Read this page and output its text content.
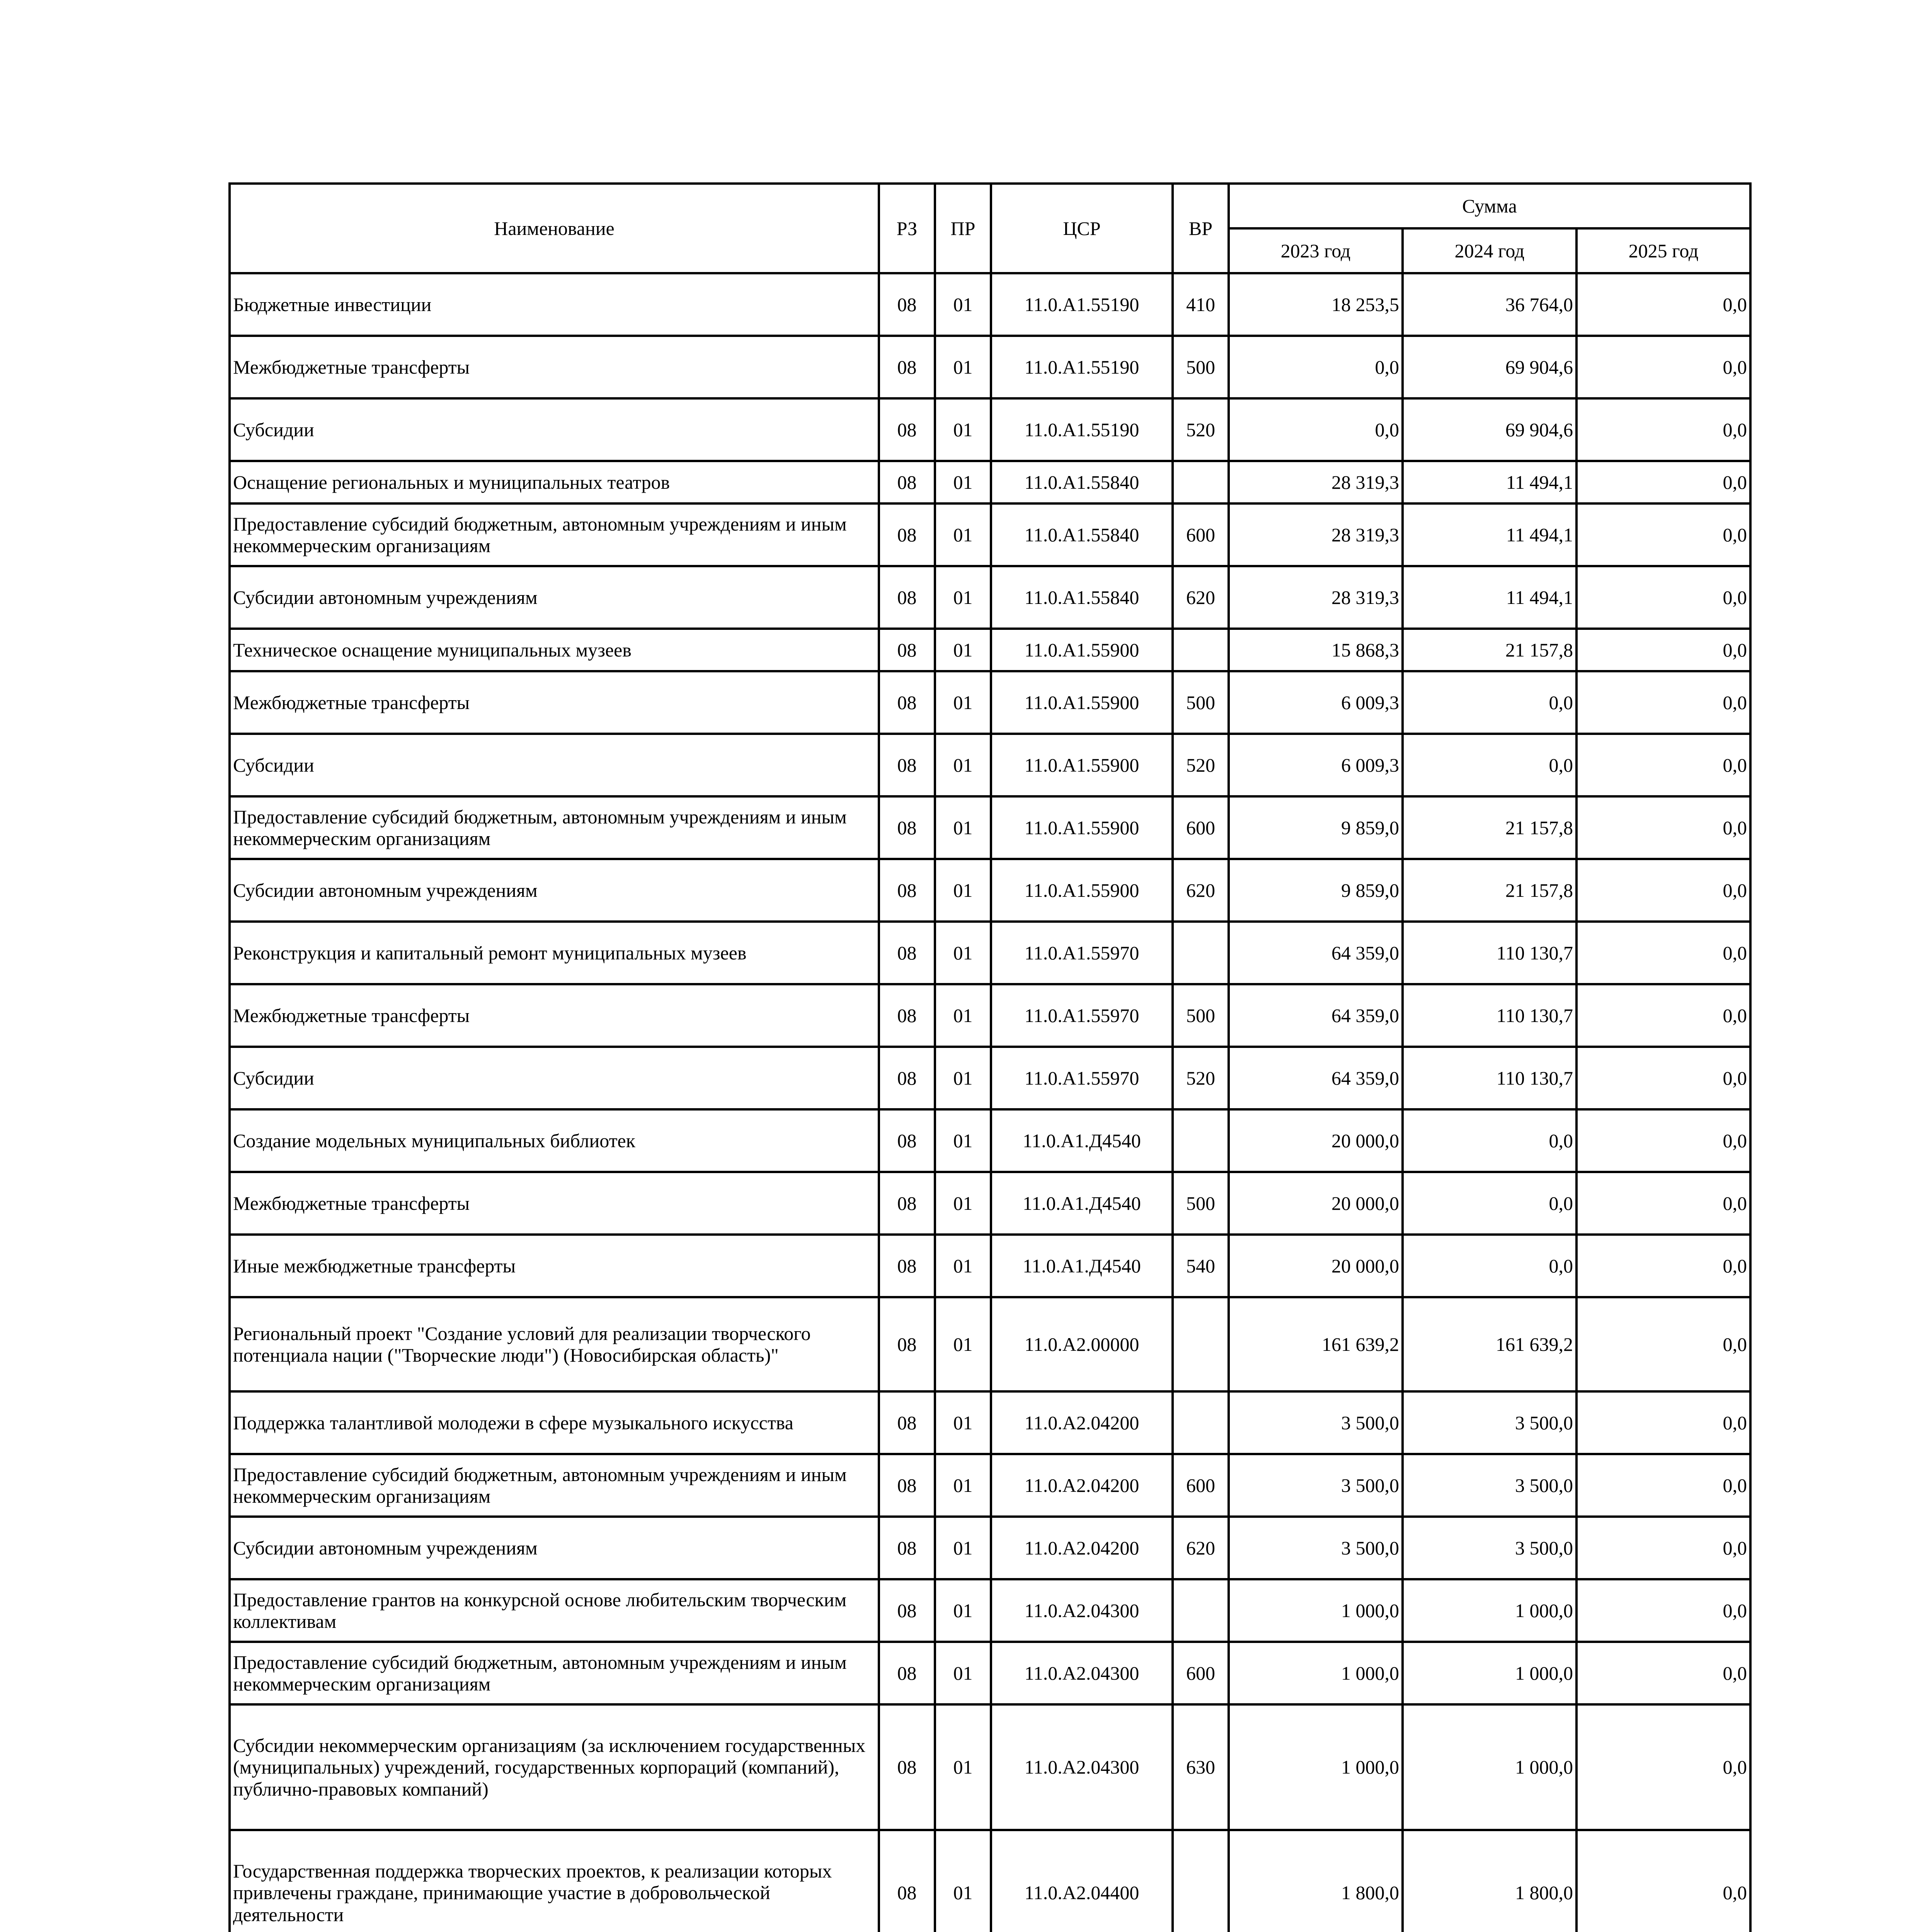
Наименование	РЗ	ПР	ЦСР	ВР	Сумма		
					2023 год	2024 год	2025 год
Бюджетные инвестиции	08	01	11.0.А1.55190	410	18 253,5	36 764,0	0,0
Межбюджетные трансферты	08	01	11.0.А1.55190	500	0,0	69 904,6	0,0
Субсидии	08	01	11.0.А1.55190	520	0,0	69 904,6	0,0
Оснащение региональных и муниципальных театров	08	01	11.0.А1.55840		28 319,3	11 494,1	0,0
Предоставление субсидий бюджетным, автономным учреждениям и иным некоммерческим организациям	08	01	11.0.А1.55840	600	28 319,3	11 494,1	0,0
Субсидии автономным учреждениям	08	01	11.0.А1.55840	620	28 319,3	11 494,1	0,0
Техническое оснащение муниципальных музеев	08	01	11.0.А1.55900		15 868,3	21 157,8	0,0
Межбюджетные трансферты	08	01	11.0.А1.55900	500	6 009,3	0,0	0,0
Субсидии	08	01	11.0.А1.55900	520	6 009,3	0,0	0,0
Предоставление субсидий бюджетным, автономным учреждениям и иным некоммерческим организациям	08	01	11.0.А1.55900	600	9 859,0	21 157,8	0,0
Субсидии автономным учреждениям	08	01	11.0.А1.55900	620	9 859,0	21 157,8	0,0
Реконструкция и капитальный ремонт муниципальных музеев	08	01	11.0.А1.55970		64 359,0	110 130,7	0,0
Межбюджетные трансферты	08	01	11.0.А1.55970	500	64 359,0	110 130,7	0,0
Субсидии	08	01	11.0.А1.55970	520	64 359,0	110 130,7	0,0
Создание модельных муниципальных библиотек	08	01	11.0.А1.Д4540		20 000,0	0,0	0,0
Межбюджетные трансферты	08	01	11.0.А1.Д4540	500	20 000,0	0,0	0,0
Иные межбюджетные трансферты	08	01	11.0.А1.Д4540	540	20 000,0	0,0	0,0
Региональный проект "Создание условий для реализации творческого потенциала нации ("Творческие люди") (Новосибирская область)"	08	01	11.0.А2.00000		161 639,2	161 639,2	0,0
Поддержка талантливой молодежи в сфере музыкального искусства	08	01	11.0.А2.04200		3 500,0	3 500,0	0,0
Предоставление субсидий бюджетным, автономным учреждениям и иным некоммерческим организациям	08	01	11.0.А2.04200	600	3 500,0	3 500,0	0,0
Субсидии автономным учреждениям	08	01	11.0.А2.04200	620	3 500,0	3 500,0	0,0
Предоставление грантов на конкурсной основе любительским творческим коллективам	08	01	11.0.А2.04300		1 000,0	1 000,0	0,0
Предоставление субсидий бюджетным, автономным учреждениям и иным некоммерческим организациям	08	01	11.0.А2.04300	600	1 000,0	1 000,0	0,0
Субсидии некоммерческим организациям (за исключением государственных (муниципальных) учреждений, государственных корпораций (компаний), публично-правовых компаний)	08	01	11.0.А2.04300	630	1 000,0	1 000,0	0,0
Государственная поддержка творческих проектов, к реализации которых привлечены граждане, принимающие участие в добровольческой деятельности	08	01	11.0.А2.04400		1 800,0	1 800,0	0,0
